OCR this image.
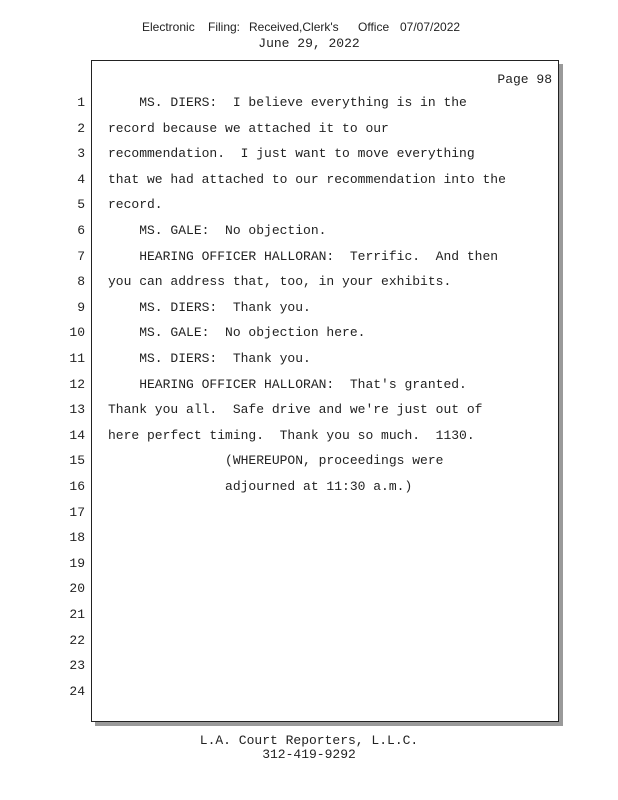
Electronic Filing: Received,Clerk's Office 07/07/2022
June 29, 2022
Page 98
1 MS. DIERS:  I believe everything is in the
2 record because we attached it to our
3 recommendation.  I just want to move everything
4 that we had attached to our recommendation into the
5 record.
6 MS. GALE:  No objection.
7 HEARING OFFICER HALLORAN:  Terrific.  And then
8 you can address that, too, in your exhibits.
9 MS. DIERS:  Thank you.
10 MS. GALE:  No objection here.
11 MS. DIERS:  Thank you.
12 HEARING OFFICER HALLORAN:  That's granted.
13 Thank you all.  Safe drive and we're just out of
14 here perfect timing.  Thank you so much.  1130.
15 (WHEREUPON, proceedings were
16 adjourned at 11:30 a.m.)
17
18
19
20
21
22
23
24
L.A. Court Reporters, L.L.C.
312-419-9292
